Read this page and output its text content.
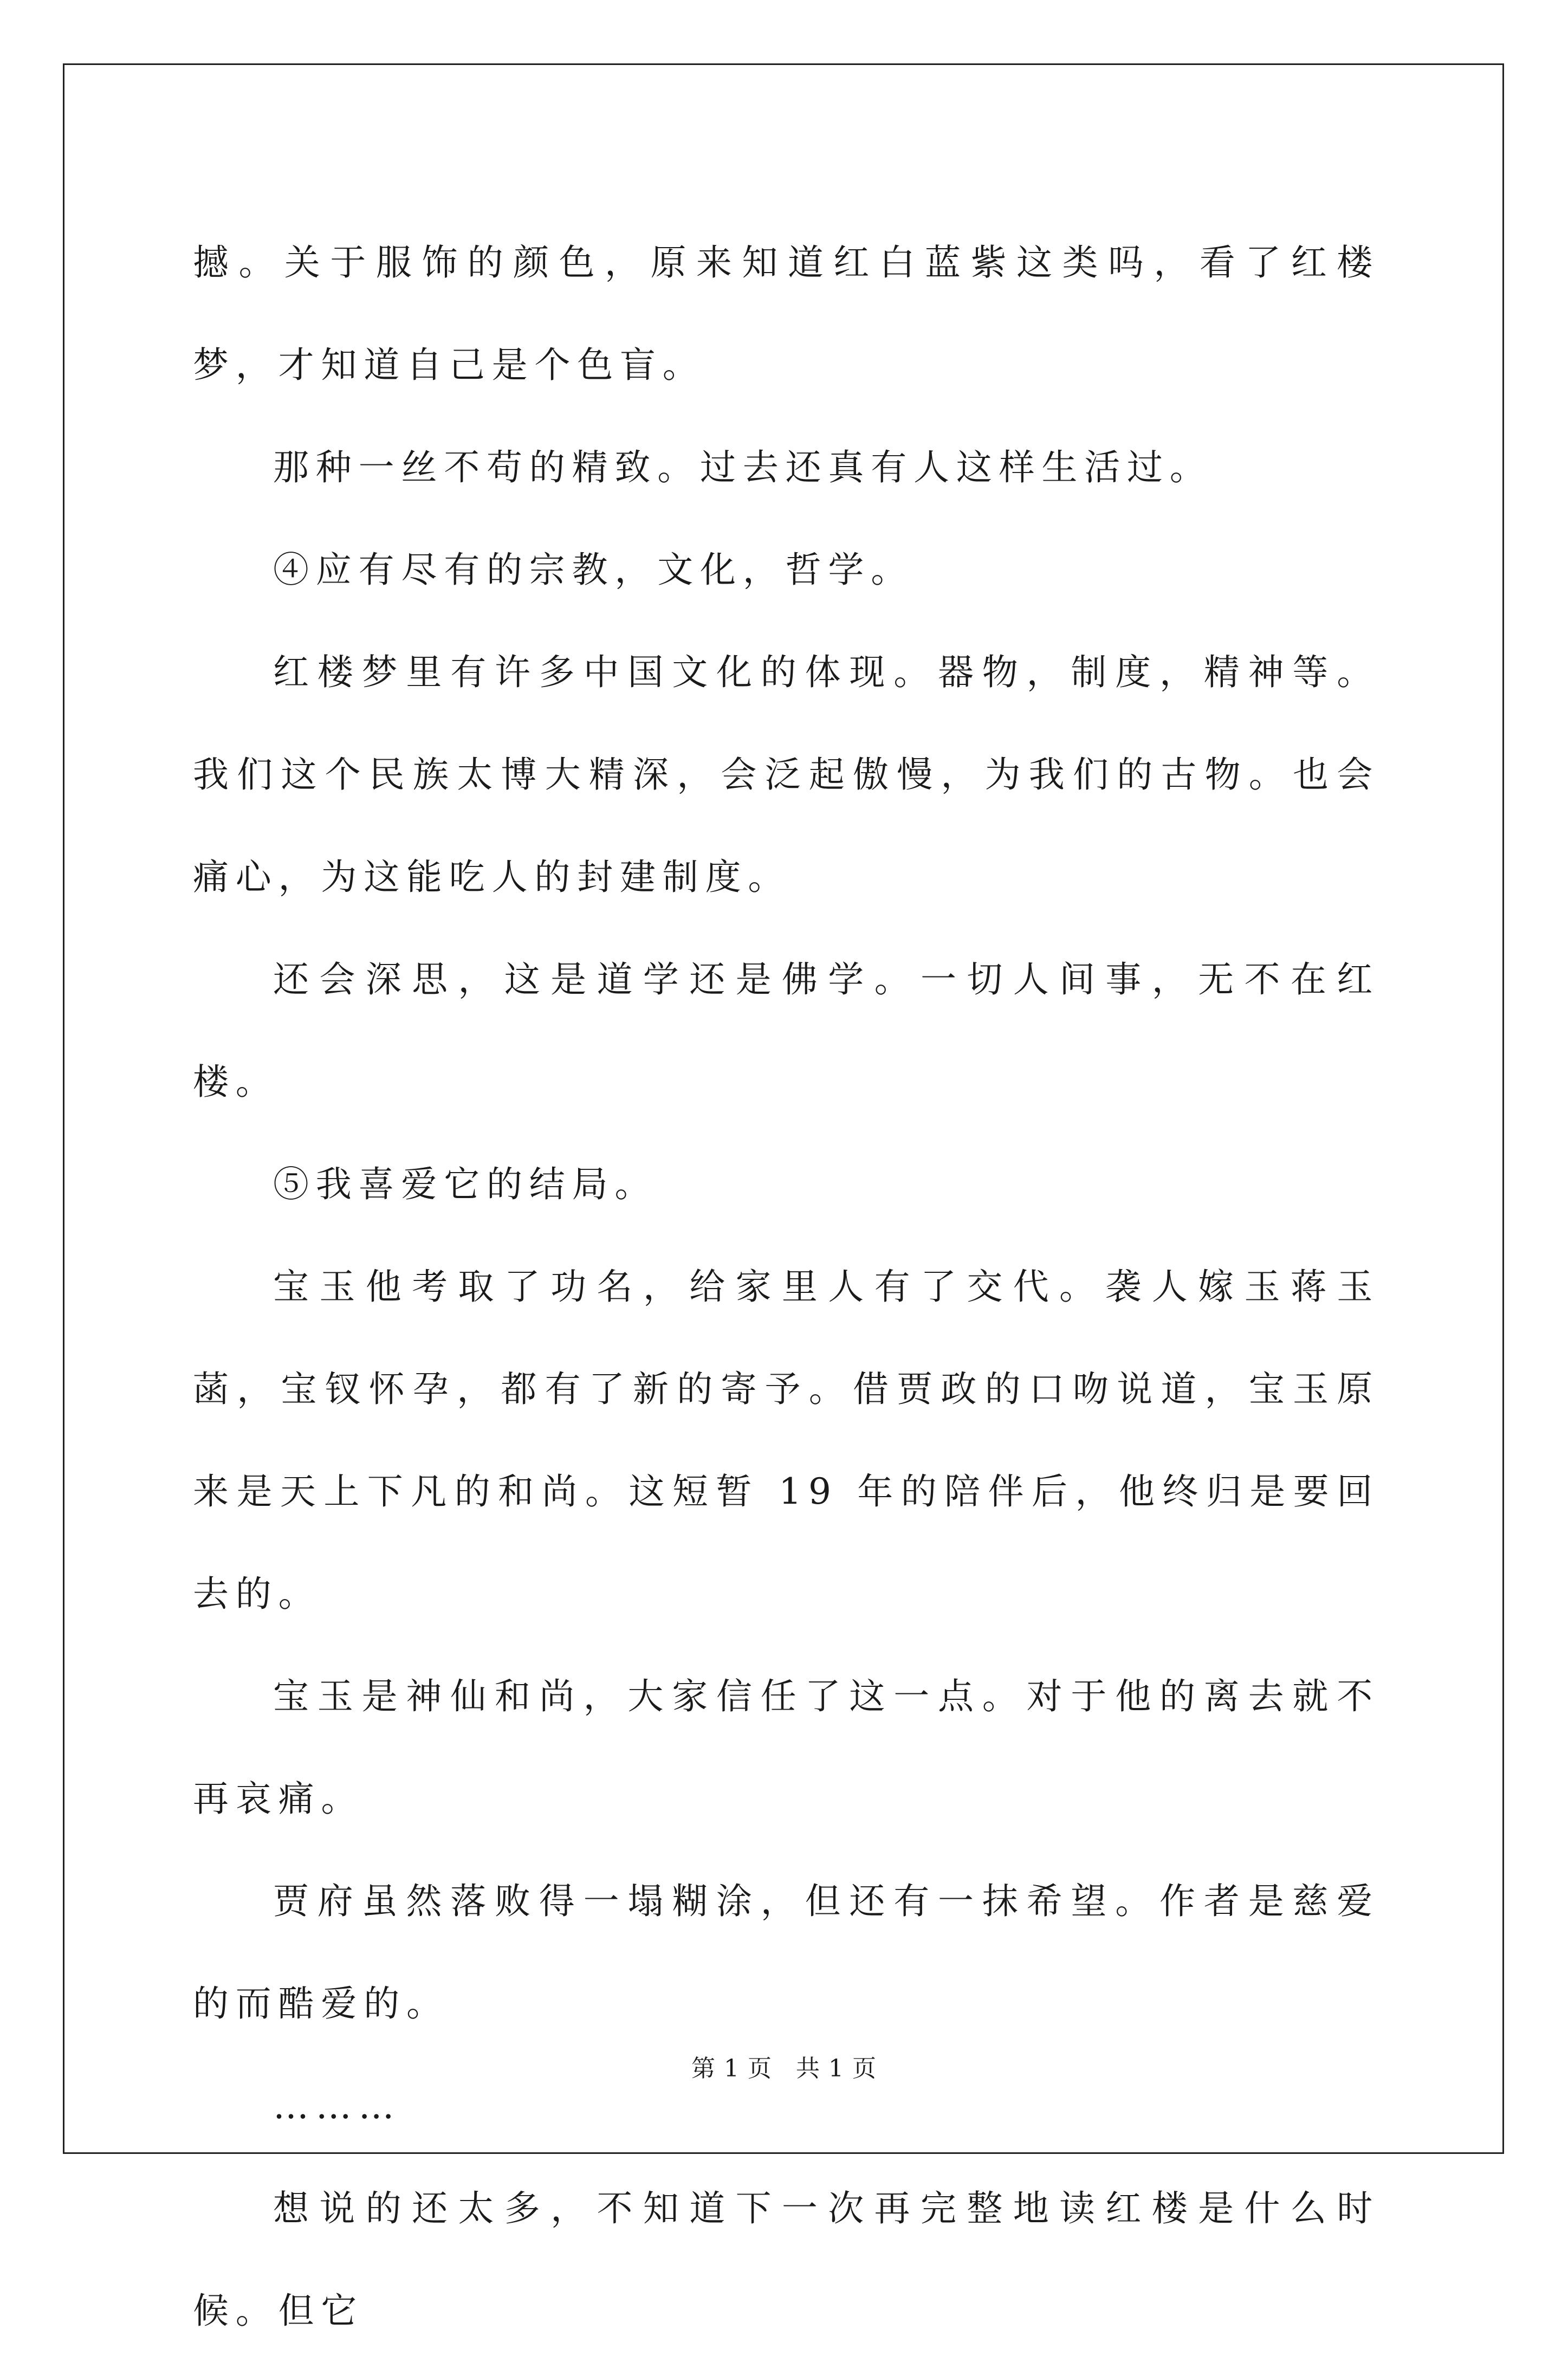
撼。关于服饰的颜色，原来知道红白蓝紫这类吗，看了红楼梦，才知道自己是个色盲。

那种一丝不苟的精致。过去还真有人这样生活过。

④应有尽有的宗教，文化，哲学。

红楼梦里有许多中国文化的体现。器物，制度，精神等。我们这个民族太博大精深，会泛起傲慢，为我们的古物。也会痛心，为这能吃人的封建制度。

还会深思，这是道学还是佛学。一切人间事，无不在红楼。

⑤我喜爱它的结局。

宝玉他考取了功名，给家里人有了交代。袭人嫁玉蒋玉菡，宝钗怀孕，都有了新的寄予。借贾政的口吻说道，宝玉原来是天上下凡的和尚。这短暂 19 年的陪伴后，他终归是要回去的。

宝玉是神仙和尚，大家信任了这一点。对于他的离去就不再哀痛。

贾府虽然落败得一塌糊涂，但还有一抹希望。作者是慈爱的而酷爱的。

………

想说的还太多，不知道下一次再完整地读红楼是什么时候。但它

第 1 页 共 1 页
